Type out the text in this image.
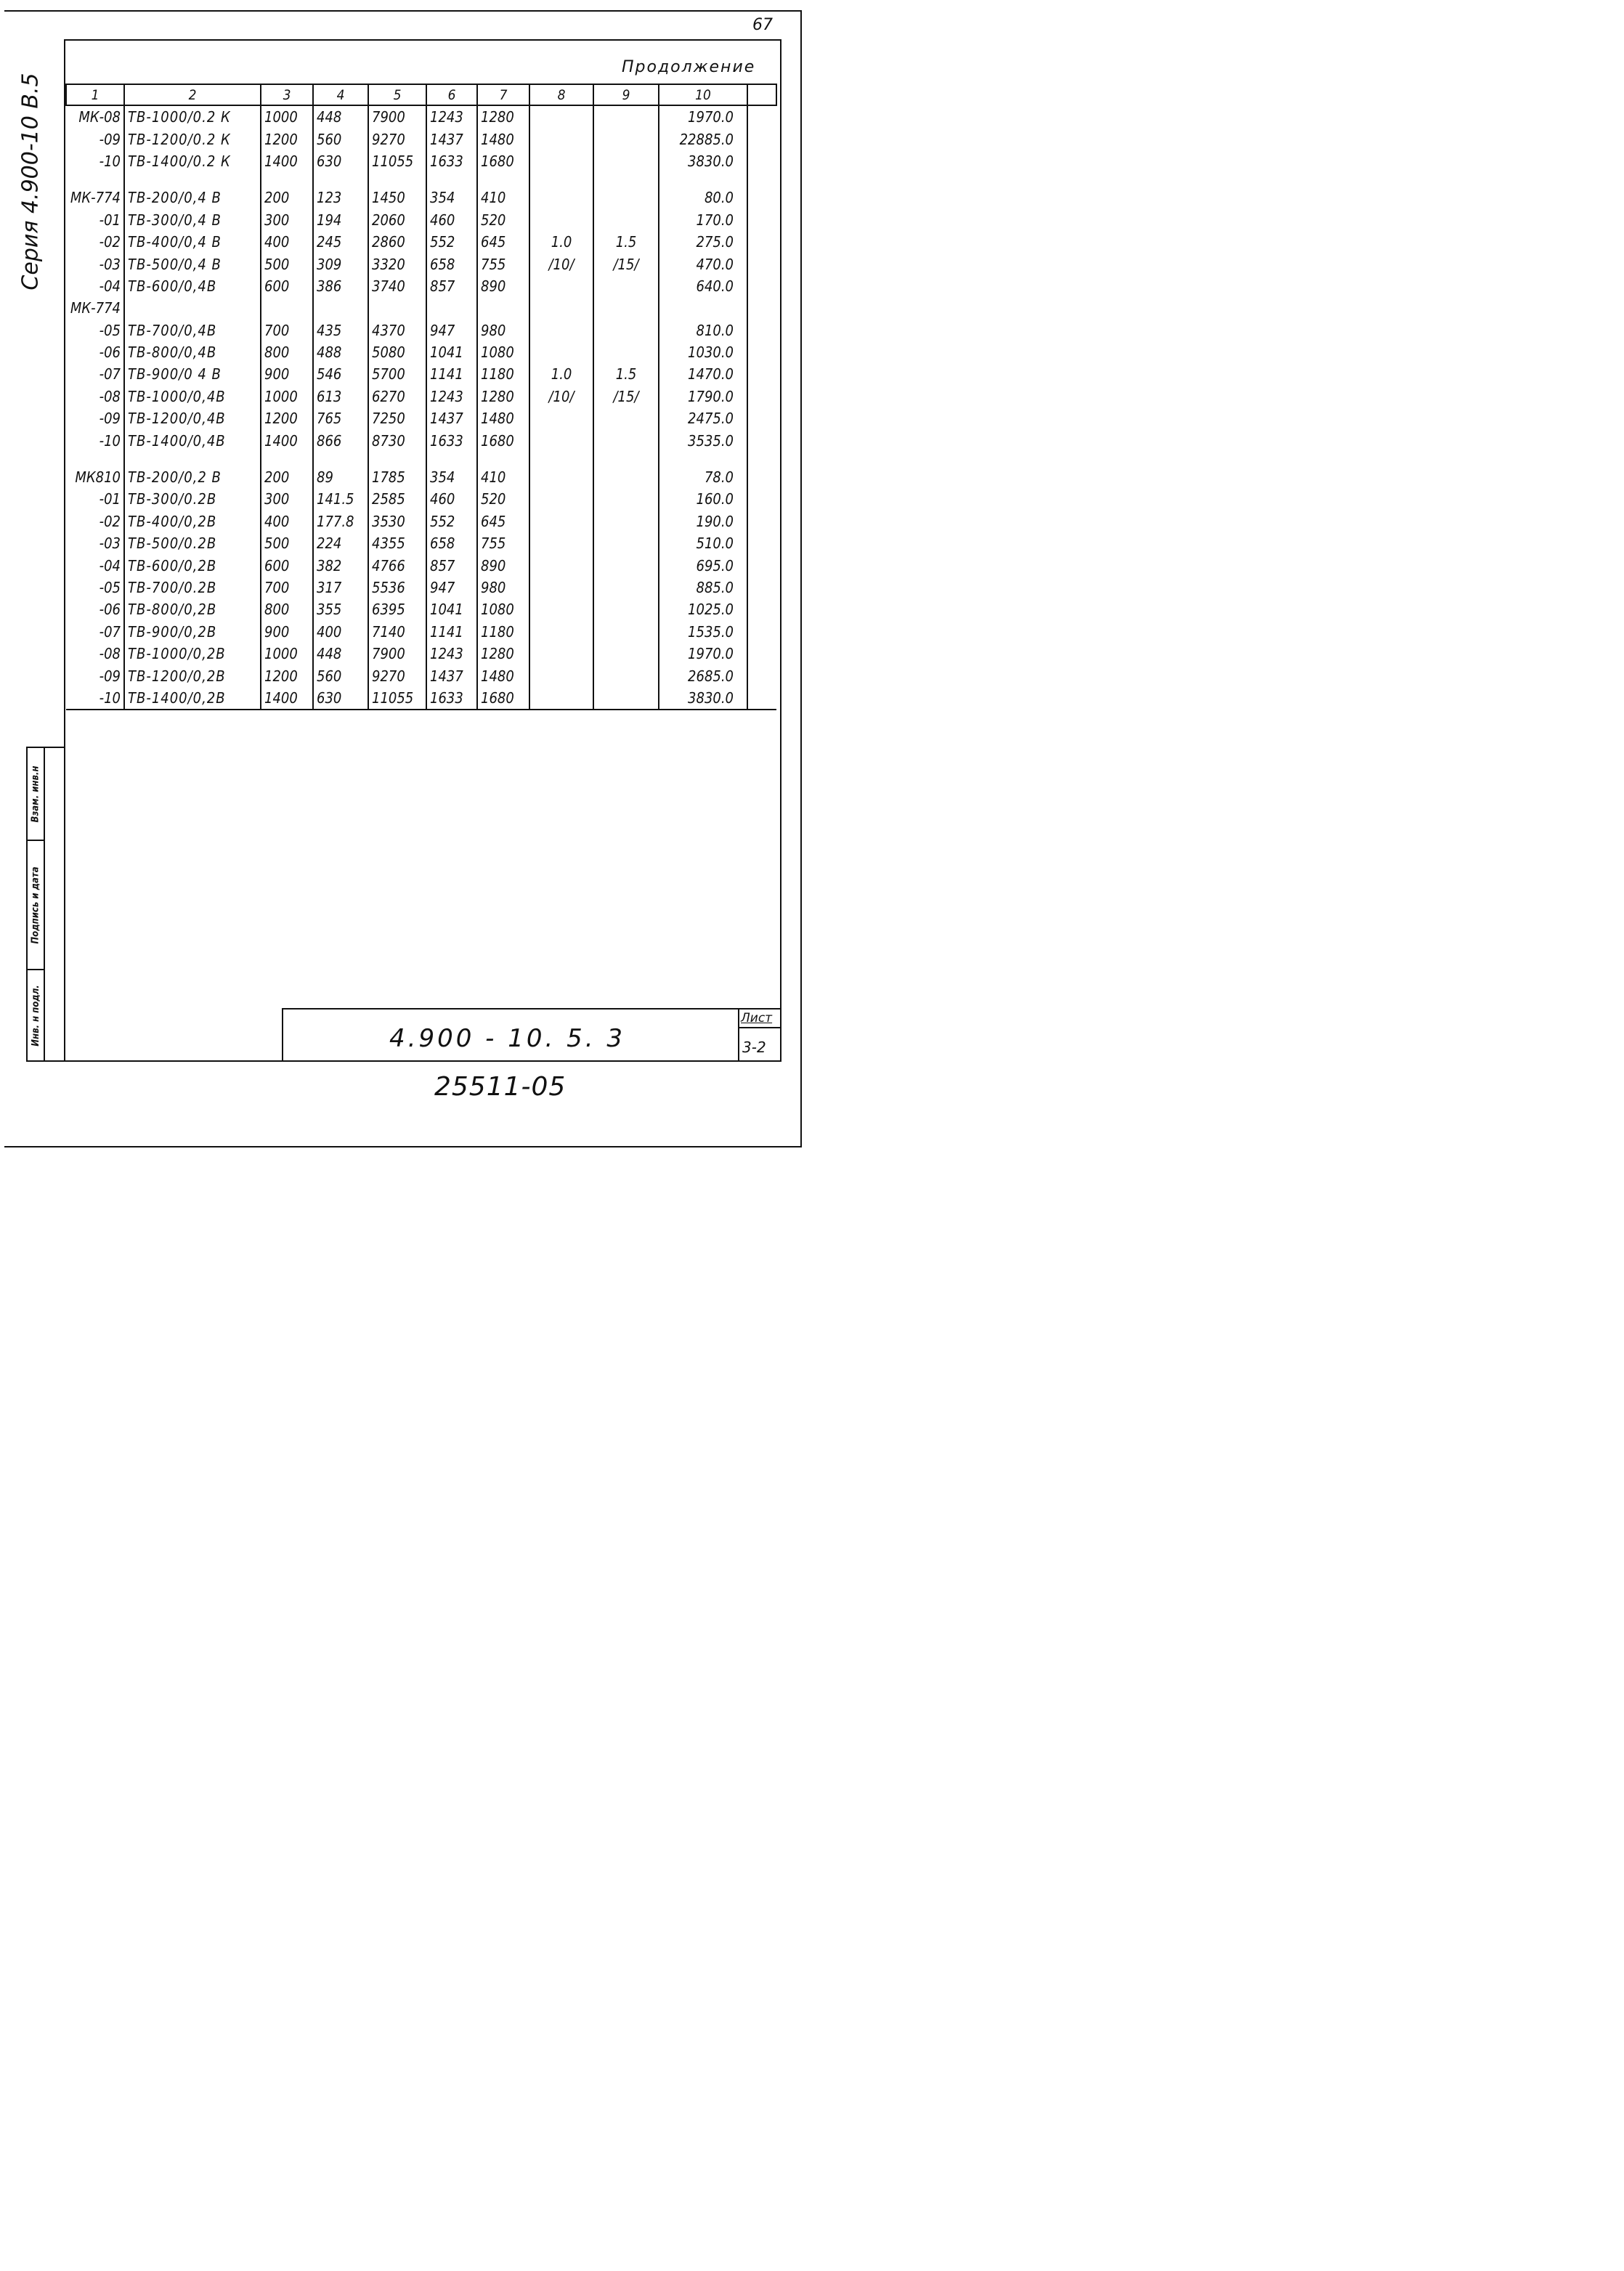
67
Серия 4.900-10 В.5
Продолжение
1	2	3	4	5	6	7	8	9	10	
МК-08	ТВ-1000/0.2 К	1000	448	7900	1243	1280			1970.0	
-09	ТВ-1200/0.2 К	1200	560	9270	1437	1480			22885.0	
-10	ТВ-1400/0.2 К	1400	630	11055	1633	1680			3830.0	

МК-774	ТВ-200/0,4 В	200	123	1450	354	410			80.0	
-01	ТВ-300/0,4 В	300	194	2060	460	520			170.0	
-02	ТВ-400/0,4 В	400	245	2860	552	645	1.0	1.5	275.0	
-03	ТВ-500/0,4 В	500	309	3320	658	755	/10/	/15/	470.0	
-04	ТВ-600/0,4В	600	386	3740	857	890			640.0	
МК-774										
-05	ТВ-700/0,4В	700	435	4370	947	980			810.0	
-06	ТВ-800/0,4В	800	488	5080	1041	1080			1030.0	
-07	ТВ-900/0 4 В	900	546	5700	1141	1180	1.0	1.5	1470.0	
-08	ТВ-1000/0,4В	1000	613	6270	1243	1280	/10/	/15/	1790.0	
-09	ТВ-1200/0,4В	1200	765	7250	1437	1480			2475.0	
-10	ТВ-1400/0,4В	1400	866	8730	1633	1680			3535.0	

МК810	ТВ-200/0,2 В	200	89	1785	354	410			78.0	
-01	ТВ-300/0.2В	300	141.5	2585	460	520			160.0	
-02	ТВ-400/0,2В	400	177.8	3530	552	645			190.0	
-03	ТВ-500/0.2В	500	224	4355	658	755			510.0	
-04	ТВ-600/0,2В	600	382	4766	857	890			695.0	
-05	ТВ-700/0.2В	700	317	5536	947	980			885.0	
-06	ТВ-800/0,2В	800	355	6395	1041	1080			1025.0	
-07	ТВ-900/0,2В	900	400	7140	1141	1180			1535.0	
-08	ТВ-1000/0,2В	1000	448	7900	1243	1280			1970.0	
-09	ТВ-1200/0,2В	1200	560	9270	1437	1480			2685.0	
-10	ТВ-1400/0,2В	1400	630	11055	1633	1680			3830.0	
Инв. н подл.
Подпись и дата
Взам. инв.н
4.900 - 10. 5. 3
Лист
3-2
25511-05
